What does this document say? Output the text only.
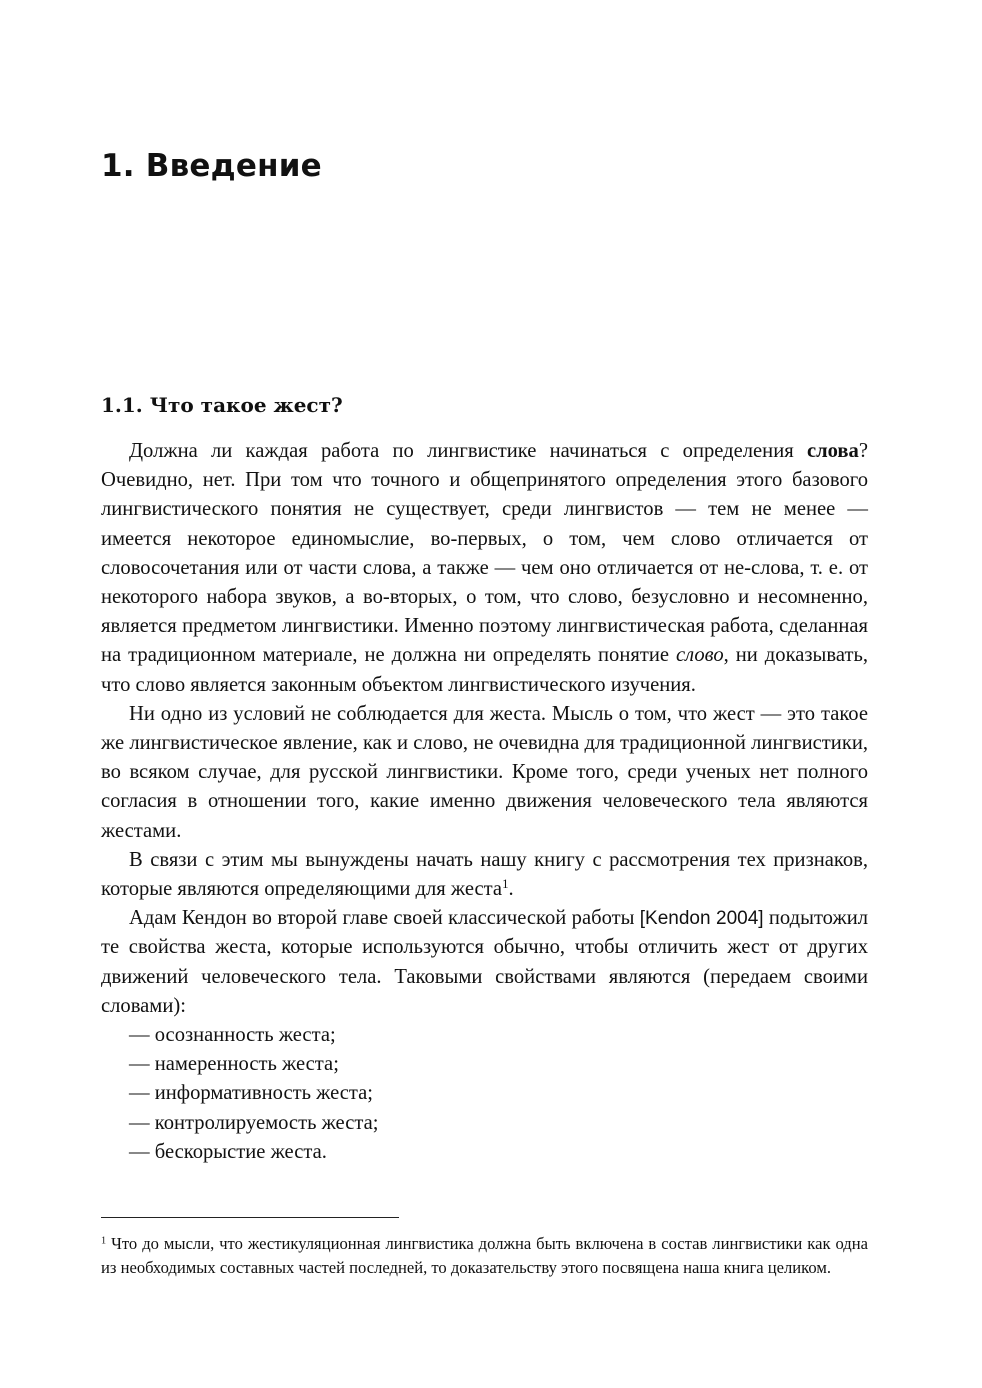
1. Введение
1.1. Что такое жест?

Должна ли каждая работа по лингвистике начинаться с определения слова? Очевидно, нет. При том что точного и общепринятого определения этого базового лингвистического понятия не существует, среди лингвистов — тем не менее — имеется некоторое единомыслие, во-первых, о том, чем слово отличается от словосочетания или от части слова, а также — чем оно отличается от не-слова, т. е. от некоторого набора звуков, а во-вторых, о том, что слово, безусловно и несомненно, является предметом лингвистики. Именно поэтому лингвистическая работа, сделанная на традиционном материале, не должна ни определять понятие слово, ни доказывать, что слово является законным объектом лингвистического изучения.

Ни одно из условий не соблюдается для жеста. Мысль о том, что жест — это такое же лингвистическое явление, как и слово, не очевидна для традиционной лингвистики, во всяком случае, для русской лингвистики. Кроме того, среди ученых нет полного согласия в отношении того, какие именно движения человеческого тела являются жестами.

В связи с этим мы вынуждены начать нашу книгу с рассмотрения тех признаков, которые являются определяющими для жеста$^1$.

Адам Кендон во второй главе своей классической работы [Kendon 2004] подытожил те свойства жеста, которые используются обычно, чтобы отличить жест от других движений человеческого тела. Таковыми свойствами являются (передаем своими словами):

— осознанность жеста;

— намеренность жеста;

— информативность жеста;

— контролируемость жеста;

— бескорыстие жеста.

$^1$ Что до мысли, что жестикуляционная лингвистика должна быть включена в состав лингвистики как одна из необходимых составных частей последней, то доказательству этого посвящена наша книга целиком.
